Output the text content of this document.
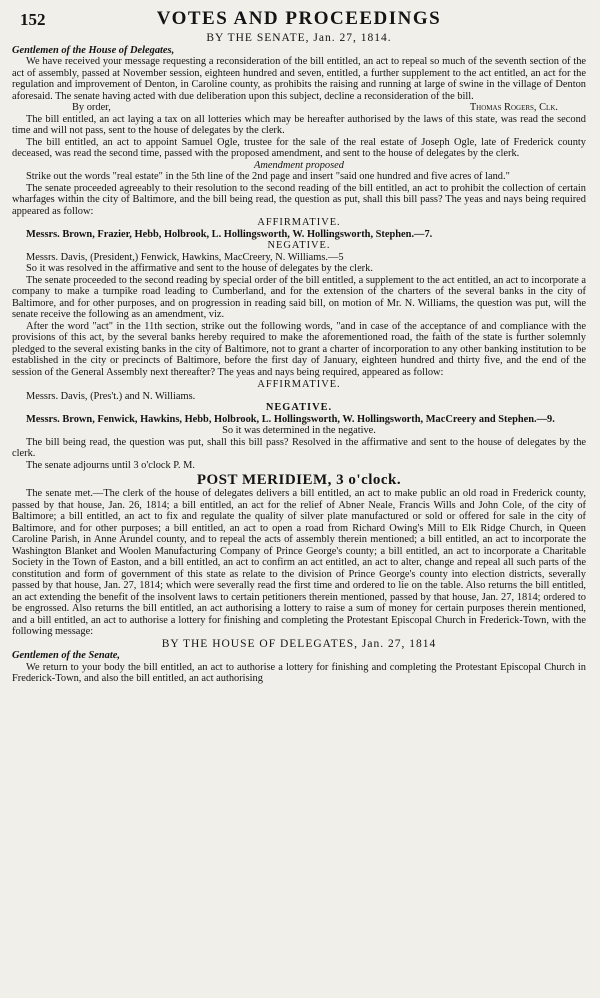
152	VOTES AND PROCEEDINGS
BY THE SENATE, Jan. 27, 1814.

Gentlemen of the House of Delegates,

We have received your message requesting a reconsideration of the bill entitled, an act to repeal so much of the seventh section of the act of assembly, passed at November session, eighteen hundred and seven, entitled, a further supplement to the act entitled, an act for the regulation and improvement of Denton, in Caroline county, as prohibits the raising and running at large of swine in the village of Denton aforesaid. The senate having acted with due deliberation upon this subject, decline a reconsideration of the bill.

By order,	Thomas Rogers, Clk.

The bill entitled, an act laying a tax on all lotteries which may be hereafter authorised by the laws of this state, was read the second time and will not pass, sent to the house of delegates by the clerk.

The bill entitled, an act to appoint Samuel Ogle, trustee for the sale of the real estate of Joseph Ogle, late of Frederick county deceased, was read the second time, passed with the proposed amendment, and sent to the house of delegates by the clerk.

Amendment proposed

Strike out the words "real estate" in the 5th line of the 2nd page and insert "said one hundred and five acres of land."

The senate proceeded agreeably to their resolution to the second reading of the bill entitled, an act to prohibit the collection of certain wharfages within the city of Baltimore, and the bill being read, the question as put, shall this bill pass? The yeas and nays being required appeared as follow:

AFFIRMATIVE.

Messrs. Brown, Frazier, Hebb, Holbrook, L. Hollingsworth, W. Hollingsworth, Stephen.—7.

NEGATIVE.

Messrs. Davis, (President,) Fenwick, Hawkins, MacCreery, N. Williams.—5

So it was resolved in the affirmative and sent to the house of delegates by the clerk.

The senate proceeded to the second reading by special order of the bill entitled, a supplement to the act entitled, an act to incorporate a company to make a turnpike road leading to Cumberland, and for the extension of the charters of the several banks in the city of Baltimore, and for other purposes, and on progression in reading said bill, on motion of Mr. N. Williams, the question was put, will the senate receive the following as an amendment, viz.

After the word "act" in the 11th section, strike out the following words, "and in case of the acceptance of and compliance with the provisions of this act, by the several banks hereby required to make the aforementioned road, the faith of the state is further solemnly pledged to the several existing banks in the city of Baltimore, not to grant a charter of incorporation to any other banking institution to be established in the city or precincts of Baltimore, before the first day of January, eighteen hundred and thirty five, and the end of the session of the General Assembly next thereafter? The yeas and nays being required, appeared as follow:

AFFIRMATIVE.

Messrs. Davis, (Pres't.) and N. Williams.

NEGATIVE.

Messrs. Brown, Fenwick, Hawkins, Hebb, Holbrook, L. Hollingsworth, W. Hollingsworth, MacCreery and Stephen.—9.

So it was determined in the negative.

The bill being read, the question was put, shall this bill pass? Resolved in the affirmative and sent to the house of delegates by the clerk.

The senate adjourns until 3 o'clock P. M.

POST MERIDIEM, 3 o'clock.

The senate met.—The clerk of the house of delegates delivers a bill entitled, an act to make public an old road in Frederick county, passed by that house, Jan. 26, 1814; a bill entitled, an act for the relief of Abner Neale, Francis Wills and John Cole, of the city of Baltimore; a bill entitled, an act to fix and regulate the quality of silver plate manufactured or sold or offered for sale in the city of Baltimore, and for other purposes; a bill entitled, an act to open a road from Richard Owing's Mill to Elk Ridge Church, in Queen Caroline Parish, in Anne Arundel county, and to repeal the acts of assembly therein mentioned; a bill entitled, an act to incorporate the Washington Blanket and Woolen Manufacturing Company of Prince George's county; a bill entitled, an act to incorporate a Charitable Society in the Town of Easton, and a bill entitled, an act to confirm an act entitled, an act to alter, change and repeal all such parts of the constitution and form of government of this state as relate to the division of Prince George's county into election districts, severally passed by that house, Jan. 27, 1814; which were severally read the first time and ordered to lie on the table. Also returns the bill entitled, an act extending the benefit of the insolvent laws to certain petitioners therein mentioned, passed by that house, Jan. 27, 1814; ordered to be engrossed. Also returns the bill entitled, an act authorising a lottery to raise a sum of money for certain purposes therein mentioned, and a bill entitled, an act to authorise a lottery for finishing and completing the Protestant Episcopal Church in Frederick-Town, with the following message:

BY THE HOUSE OF DELEGATES, Jan. 27, 1814

Gentlemen of the Senate,

We return to your body the bill entitled, an act to authorise a lottery for finishing and completing the Protestant Episcopal Church in Frederick-Town, and also the bill entitled, an act authorising
